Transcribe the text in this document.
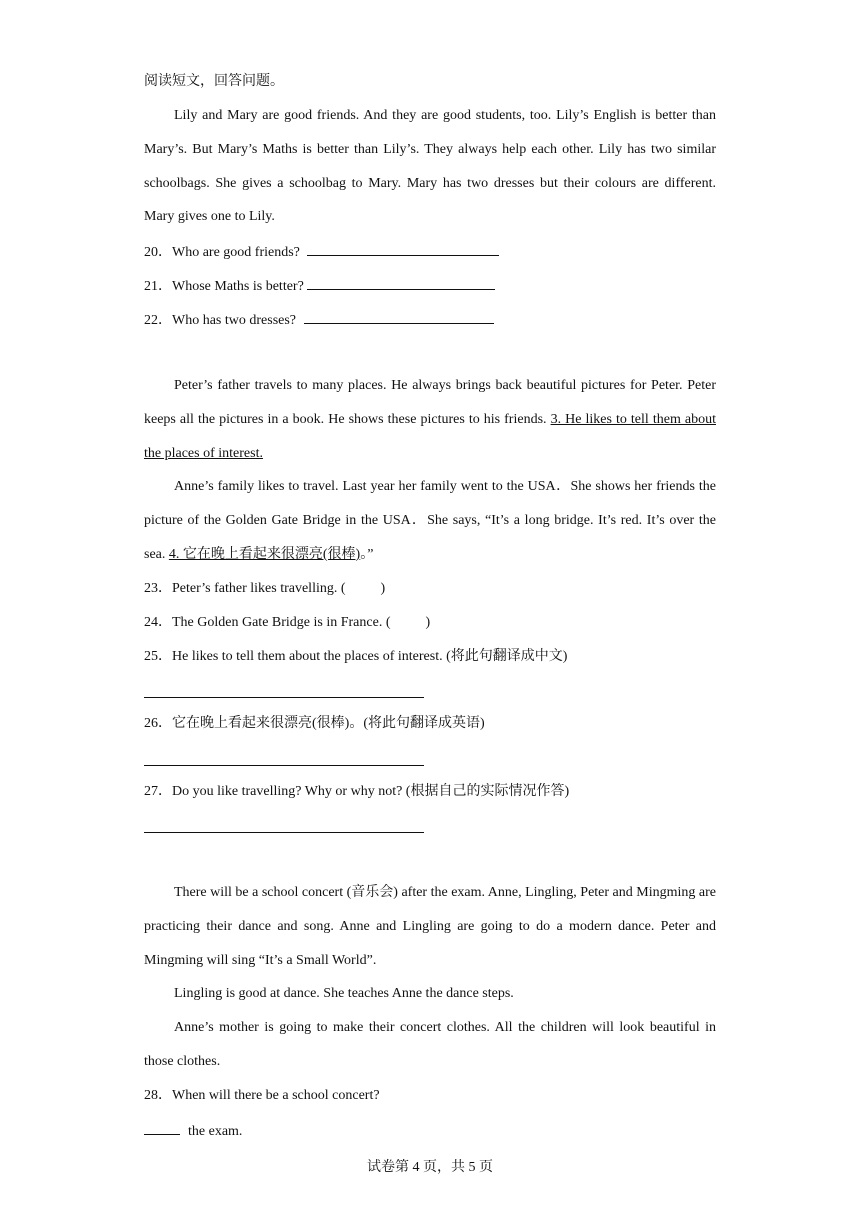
阅读短文，回答问题。

Lily and Mary are good friends. And they are good students, too. Lily’s English is better than Mary’s. But Mary’s Maths is better than Lily’s. They always help each other. Lily has two similar schoolbags. She gives a schoolbag to Mary. Mary has two dresses but their colours are different. Mary gives one to Lily.

20．Who are good friends?
21．Whose Maths is better?
22．Who has two dresses?

Peter’s father travels to many places. He always brings back beautiful pictures for Peter. Peter keeps all the pictures in a book. He shows these pictures to his friends. 3. He likes to tell them about the places of interest.

Anne’s family likes to travel. Last year her family went to the USA．She shows her friends the picture of the Golden Gate Bridge in the USA．She says, “It’s a long bridge. It’s red. It’s over the sea. 4. 它在晚上看起来很漂亮(很棒)。”

23．Peter’s father likes travelling. (          )
24．The Golden Gate Bridge is in France. (          )
25．He likes to tell them about the places of interest. (将此句翻译成中文)
26．它在晚上看起来很漂亮(很棒)。(将此句翻译成英语)
27．Do you like travelling? Why or why not? (根据自己的实际情况作答)

There will be a school concert (音乐会) after the exam. Anne, Lingling, Peter and Mingming are practicing their dance and song. Anne and Lingling are going to do a modern dance. Peter and Mingming will sing “It’s a Small World”.

Lingling is good at dance. She teaches Anne the dance steps.

Anne’s mother is going to make their concert clothes. All the children will look beautiful in those clothes.

28．When will there be a school concert?
the exam.
试卷第 4 页，共 5 页
